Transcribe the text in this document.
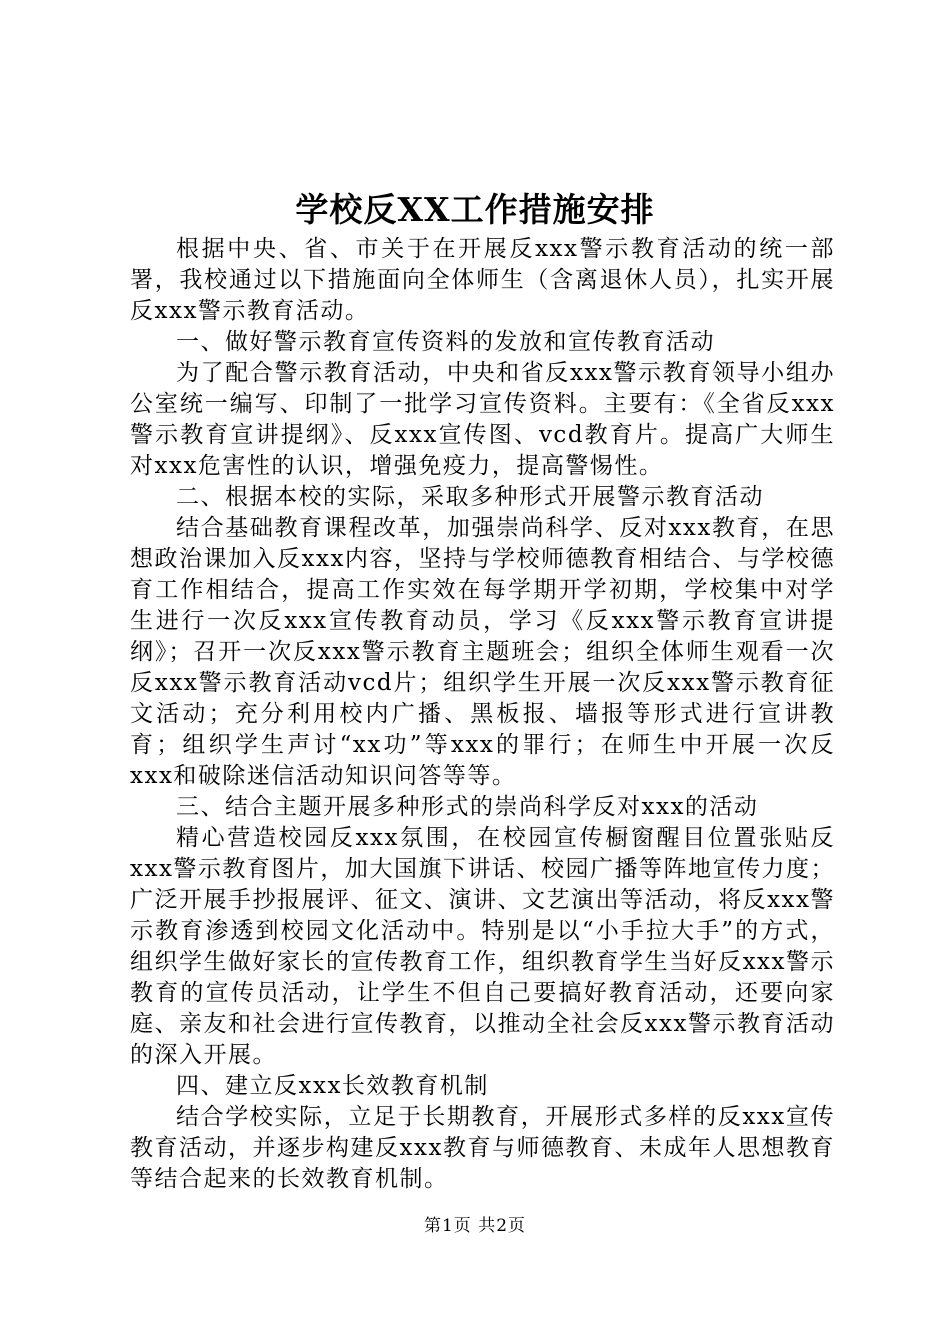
学校反XX工作措施安排

根据中央、省、市关于在开展反xxx警示教育活动的统一部署，我校通过以下措施面向全体师生（含离退休人员），扎实开展反xxx警示教育活动。

一、做好警示教育宣传资料的发放和宣传教育活动

为了配合警示教育活动，中央和省反xxx警示教育领导小组办公室统一编写、印制了一批学习宣传资料。主要有：《全省反xxx警示教育宣讲提纲》、反xxx宣传图、vcd教育片。提高广大师生对xxx危害性的认识，增强免疫力，提高警惕性。

二、根据本校的实际，采取多种形式开展警示教育活动

结合基础教育课程改革，加强崇尚科学、反对xxx教育，在思想政治课加入反xxx内容，坚持与学校师德教育相结合、与学校德育工作相结合，提高工作实效在每学期开学初期，学校集中对学生进行一次反xxx宣传教育动员，学习《反xxx警示教育宣讲提纲》；召开一次反xxx警示教育主题班会；组织全体师生观看一次反xxx警示教育活动vcd片；组织学生开展一次反xxx警示教育征文活动；充分利用校内广播、黑板报、墙报等形式进行宣讲教育；组织学生声讨“xx功”等xxx的罪行；在师生中开展一次反xxx和破除迷信活动知识问答等等。

三、结合主题开展多种形式的崇尚科学反对xxx的活动

精心营造校园反xxx氛围，在校园宣传橱窗醒目位置张贴反xxx警示教育图片，加大国旗下讲话、校园广播等阵地宣传力度；广泛开展手抄报展评、征文、演讲、文艺演出等活动，将反xxx警示教育渗透到校园文化活动中。特别是以“小手拉大手”的方式，组织学生做好家长的宣传教育工作，组织教育学生当好反xxx警示教育的宣传员活动，让学生不但自己要搞好教育活动，还要向家庭、亲友和社会进行宣传教育，以推动全社会反xxx警示教育活动的深入开展。

四、建立反xxx长效教育机制

结合学校实际，立足于长期教育，开展形式多样的反xxx宣传教育活动，并逐步构建反xxx教育与师德教育、未成年人思想教育等结合起来的长效教育机制。

第1页 共2页
